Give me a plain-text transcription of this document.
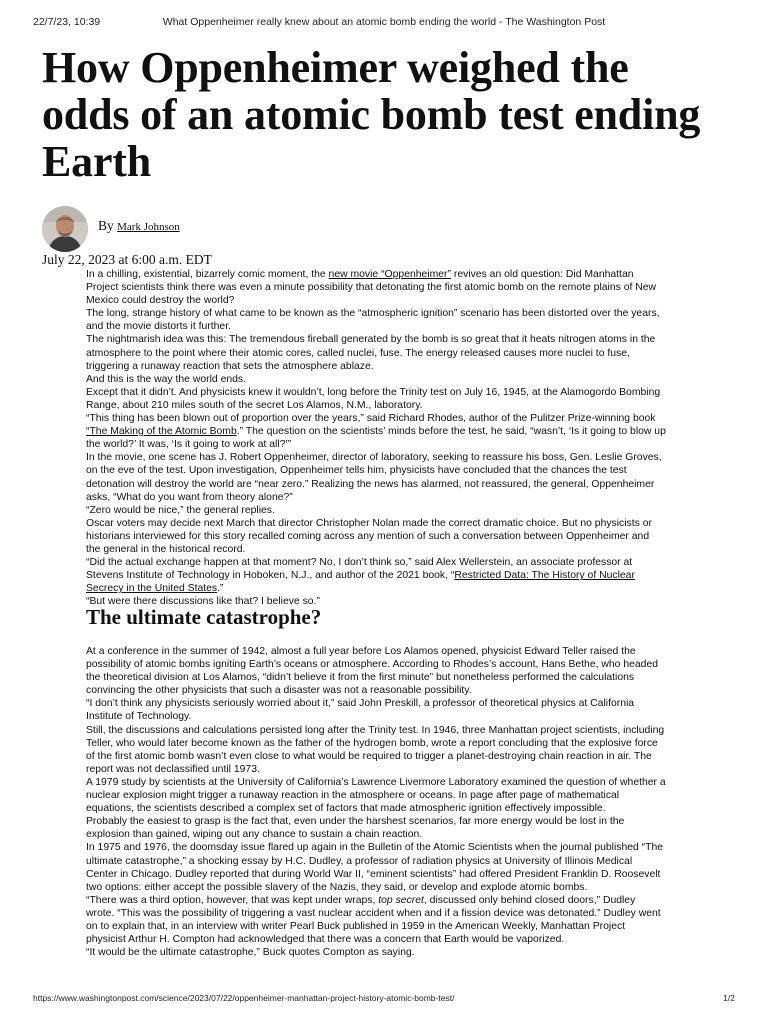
22/7/23, 10:39	What Oppenheimer really knew about an atomic bomb ending the world - The Washington Post
How Oppenheimer weighed the odds of an atomic bomb test ending Earth
By Mark Johnson
July 22, 2023 at 6:00 a.m. EDT

In a chilling, existential, bizarrely comic moment, the new movie “Oppenheimer” revives an old question: Did Manhattan Project scientists think there was even a minute possibility that detonating the first atomic bomb on the remote plains of New Mexico could destroy the world?

The long, strange history of what came to be known as the “atmospheric ignition” scenario has been distorted over the years, and the movie distorts it further.

The nightmarish idea was this: The tremendous fireball generated by the bomb is so great that it heats nitrogen atoms in the atmosphere to the point where their atomic cores, called nuclei, fuse. The energy released causes more nuclei to fuse, triggering a runaway reaction that sets the atmosphere ablaze.

And this is the way the world ends.

Except that it didn’t. And physicists knew it wouldn’t, long before the Trinity test on July 16, 1945, at the Alamogordo Bombing Range, about 210 miles south of the secret Los Alamos, N.M., laboratory.

“This thing has been blown out of proportion over the years,” said Richard Rhodes, author of the Pulitzer Prize-winning book “The Making of the Atomic Bomb.” The question on the scientists’ minds before the test, he said, “wasn’t, ‘Is it going to blow up the world?’ It was, ‘Is it going to work at all?’”

In the movie, one scene has J. Robert Oppenheimer, director of laboratory, seeking to reassure his boss, Gen. Leslie Groves, on the eve of the test. Upon investigation, Oppenheimer tells him, physicists have concluded that the chances the test detonation will destroy the world are “near zero.” Realizing the news has alarmed, not reassured, the general, Oppenheimer asks, “What do you want from theory alone?”

“Zero would be nice,” the general replies.

Oscar voters may decide next March that director Christopher Nolan made the correct dramatic choice. But no physicists or historians interviewed for this story recalled coming across any mention of such a conversation between Oppenheimer and the general in the historical record.

“Did the actual exchange happen at that moment? No, I don’t think so,” said Alex Wellerstein, an associate professor at Stevens Institute of Technology in Hoboken, N.J., and author of the 2021 book, “Restricted Data: The History of Nuclear Secrecy in the United States.”

“But were there discussions like that? I believe so.”

The ultimate catastrophe?

At a conference in the summer of 1942, almost a full year before Los Alamos opened, physicist Edward Teller raised the possibility of atomic bombs igniting Earth’s oceans or atmosphere. According to Rhodes’s account, Hans Bethe, who headed the theoretical division at Los Alamos, “didn’t believe it from the first minute” but nonetheless performed the calculations convincing the other physicists that such a disaster was not a reasonable possibility.

“I don’t think any physicists seriously worried about it,” said John Preskill, a professor of theoretical physics at California Institute of Technology.

Still, the discussions and calculations persisted long after the Trinity test. In 1946, three Manhattan project scientists, including Teller, who would later become known as the father of the hydrogen bomb, wrote a report concluding that the explosive force of the first atomic bomb wasn’t even close to what would be required to trigger a planet-destroying chain reaction in air. The report was not declassified until 1973.

A 1979 study by scientists at the University of California’s Lawrence Livermore Laboratory examined the question of whether a nuclear explosion might trigger a runaway reaction in the atmosphere or oceans. In page after page of mathematical equations, the scientists described a complex set of factors that made atmospheric ignition effectively impossible.

Probably the easiest to grasp is the fact that, even under the harshest scenarios, far more energy would be lost in the explosion than gained, wiping out any chance to sustain a chain reaction.

In 1975 and 1976, the doomsday issue flared up again in the Bulletin of the Atomic Scientists when the journal published “The ultimate catastrophe,” a shocking essay by H.C. Dudley, a professor of radiation physics at University of Illinois Medical Center in Chicago. Dudley reported that during World War II, “eminent scientists” had offered President Franklin D. Roosevelt two options: either accept the possible slavery of the Nazis, they said, or develop and explode atomic bombs.

“There was a third option, however, that was kept under wraps, top secret, discussed only behind closed doors,” Dudley wrote. “This was the possibility of triggering a vast nuclear accident when and if a fission device was detonated.” Dudley went on to explain that, in an interview with writer Pearl Buck published in 1959 in the American Weekly, Manhattan Project physicist Arthur H. Compton had acknowledged that there was a concern that Earth would be vaporized.

“It would be the ultimate catastrophe,” Buck quotes Compton as saying.

https://www.washingtonpost.com/science/2023/07/22/oppenheimer-manhattan-project-history-atomic-bomb-test/	1/2
